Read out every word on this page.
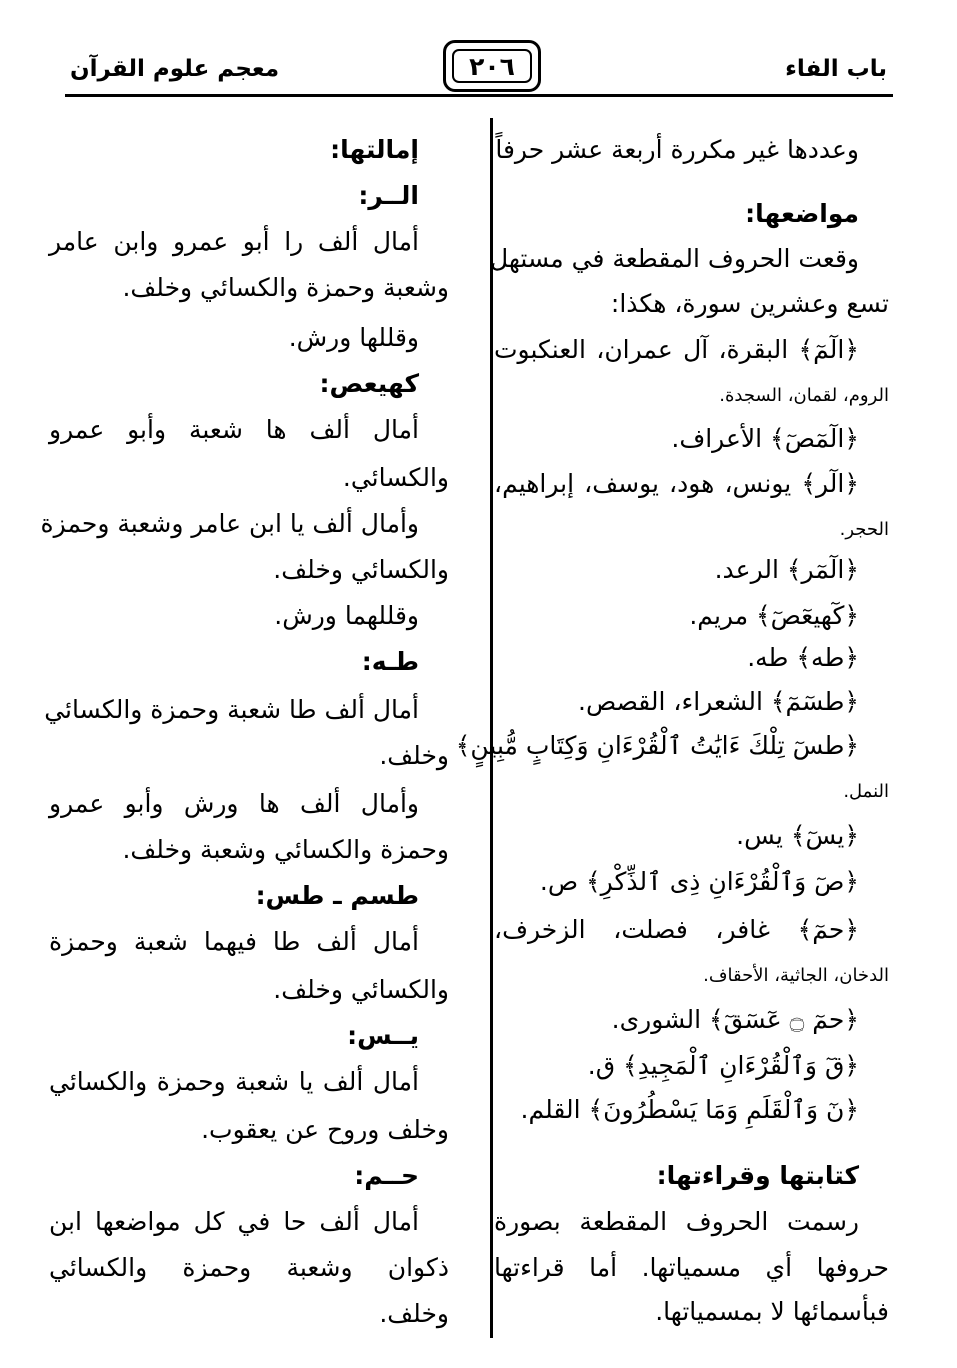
باب الفاء
٢٠٦
معجم علوم القرآن
وعددها غير مكررة أربعة عشر حرفاً.
مواضعها:
وقعت الحروف المقطعة في مستهل
تسع وعشرين سورة، هكذا:
﴿الٓمٓ﴾ البقرة، آل عمران، العنكبوت
الروم، لقمان، السجدة.
﴿الٓمٓصٓ﴾ الأعراف.
﴿الٓر﴾ يونس، هود، يوسف، إبراهيم،
الحجر.
﴿الٓمٓر﴾ الرعد.
﴿كٓهيعٓصٓ﴾ مريم.
﴿طه﴾ طه.
﴿طسٓمٓ﴾ الشعراء، القصص.
﴿طسٓ تِلْكَ ءَايَٰتُ ٱلْقُرْءَانِ وَكِتَابٍ مُّبِينٍ﴾
النمل.
﴿يسٓ﴾ يس.
﴿صٓ وَٱلْقُرْءَانِ ذِى ٱلذِّكْرِ﴾ ص.
﴿حمٓ﴾ غافر، فصلت، الزخرف،
الدخان، الجاثية، الأحقاف.
﴿حمٓ ۝ عٓسٓقٓ﴾ الشورى.
﴿قٓ وَٱلْقُرْءَانِ ٱلْمَجِيدِ﴾ ق.
﴿نٓ وَٱلْقَلَمِ وَمَا يَسْطُرُونَ﴾ القلم.
كتابتها وقراءتها:
رسمت الحروف المقطعة بصورة
حروفها أي مسمياتها. أما قراءتها
فبأسمائها لا بمسمياتها.
إمالتها:
الــر:
أمال ألف را أبو عمرو وابن عامر
وشعبة وحمزة والكسائي وخلف.
وقللها ورش.
كهيعص:
أمال ألف ها شعبة وأبو عمرو
والكسائي.
وأمال ألف يا ابن عامر وشعبة وحمزة
والكسائي وخلف.
وقللهما ورش.
طـه:
أمال ألف طا شعبة وحمزة والكسائي
وخلف.
وأمال ألف ها ورش وأبو عمرو
وحمزة والكسائي وشعبة وخلف.
طسم ـ طس:
أمال ألف طا فيهما شعبة وحمزة
والكسائي وخلف.
يــس:
أمال ألف يا شعبة وحمزة والكسائي
وخلف وروح عن يعقوب.
حــم:
أمال ألف حا في كل مواضعها ابن
ذكوان وشعبة وحمزة والكسائي
وخلف.
